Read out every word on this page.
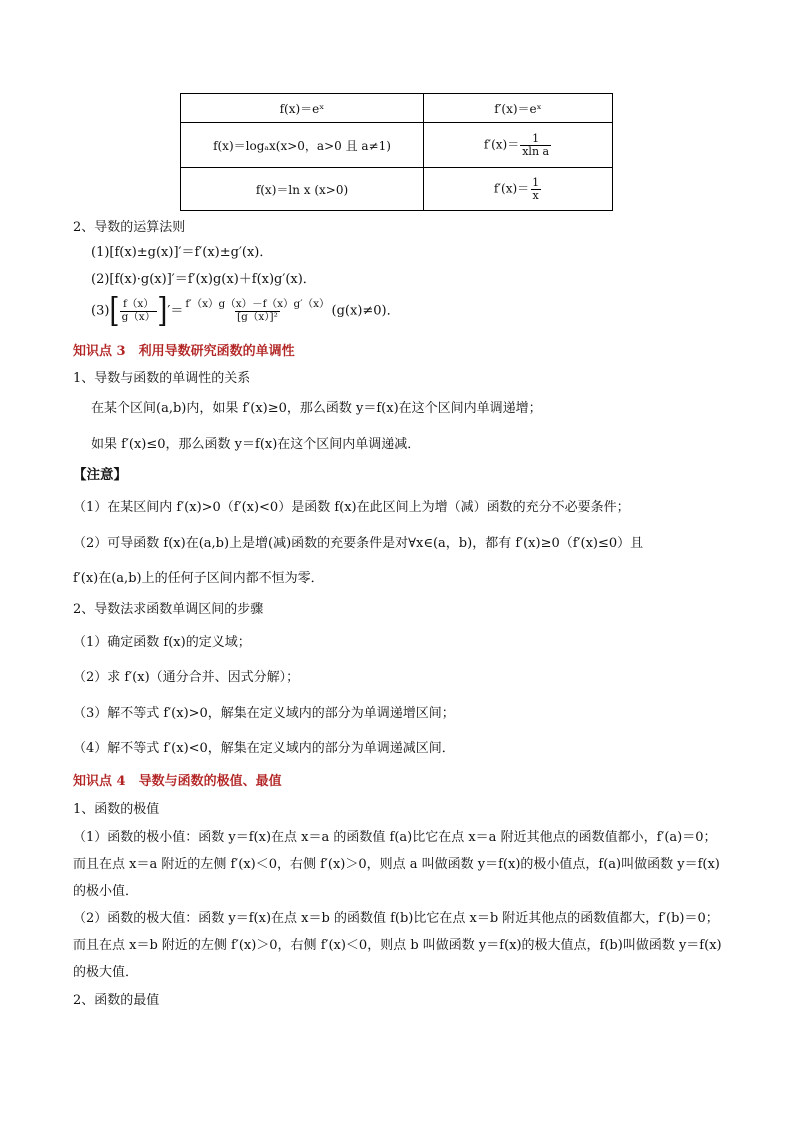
f(x)＝eˣ	f′(x)＝eˣ
f(x)＝logₐx(x>0，a>0 且 a≠1)	$f'(x)= \frac{1}{\text{xln a}}$

f(x)＝ln x (x>0)	$f'(x)= \frac{1}{x}$
2、导数的运算法则
(1)[f(x)±g(x)]′＝f′(x)±g′(x)．
(2)[f(x)·g(x)]′＝f′(x)g(x)＋f(x)g′(x)．
$(3)[ \frac{f(x)}{g(x)}$ ]′＝ $\frac{f'(x)g(x)-f(x)g'(x)}{\text{[g（x）]²}} (g(x)\ne 0)$．
知识点 3　利用导数研究函数的单调性
1、导数与函数的单调性的关系
在某个区间(a,b)内，如果 f′(x)≥0，那么函数 y＝f(x)在这个区间内单调递增；
如果 f′(x)≤0，那么函数 y＝f(x)在这个区间内单调递减．
【注意】
（1）在某区间内 f′(x)>0（f′(x)<0）是函数 f(x)在此区间上为增（减）函数的充分不必要条件；
（2）可导函数 f(x)在(a,b)上是增(减)函数的充要条件是对∀x∈(a，b)，都有 f′(x)≥0（f′(x)≤0）且
f′(x)在(a,b)上的任何子区间内都不恒为零．
2、导数法求函数单调区间的步骤
（1）确定函数 f(x)的定义域；
（2）求 f′(x)（通分合并、因式分解）；
（3）解不等式 f′(x)>0，解集在定义域内的部分为单调递增区间；
（4）解不等式 f′(x)<0，解集在定义域内的部分为单调递减区间．
知识点 4　导数与函数的极值、最值
1、函数的极值
（1）函数的极小值：函数 y＝f(x)在点 x＝a 的函数值 f(a)比它在点 x＝a 附近其他点的函数值都小，f′(a)＝0；
而且在点 x＝a 附近的左侧 f′(x)＜0，右侧 f′(x)＞0，则点 a 叫做函数 y＝f(x)的极小值点，f(a)叫做函数 y＝f(x)
的极小值．
（2）函数的极大值：函数 y＝f(x)在点 x＝b 的函数值 f(b)比它在点 x＝b 附近其他点的函数值都大，f′(b)＝0；
而且在点 x＝b 附近的左侧 f′(x)＞0，右侧 f′(x)＜0，则点 b 叫做函数 y＝f(x)的极大值点，f(b)叫做函数 y＝f(x)
的极大值．
2、函数的最值
